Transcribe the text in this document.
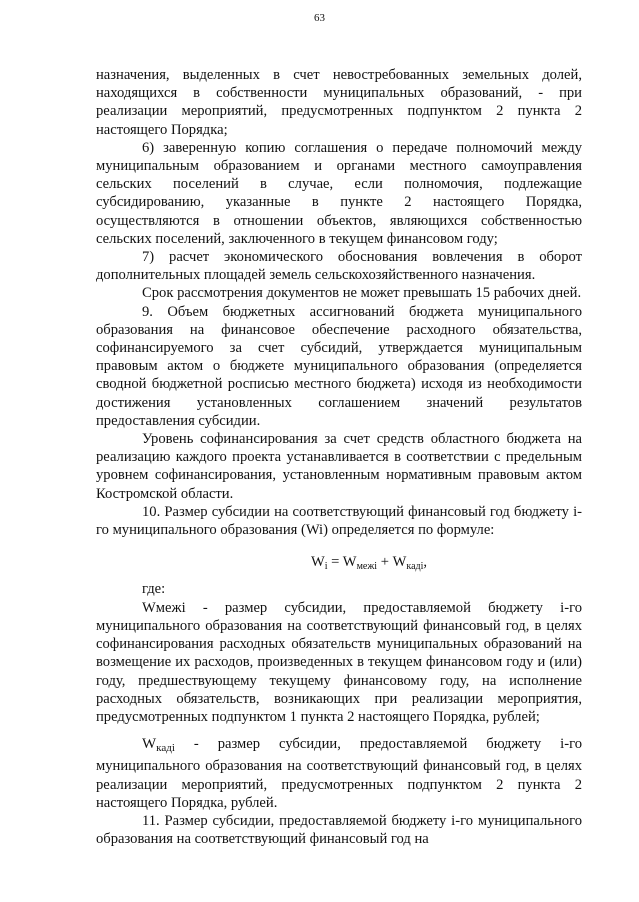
63

назначения, выделенных в счет невостребованных земельных долей, находящихся в собственности муниципальных образований, - при реализации мероприятий, предусмотренных подпунктом 2 пункта 2 настоящего Порядка;

6) заверенную копию соглашения о передаче полномочий между муниципальным образованием и органами местного самоуправления сельских поселений в случае, если полномочия, подлежащие субсидированию, указанные в пункте 2 настоящего Порядка, осуществляются в отношении объектов, являющихся собственностью сельских поселений, заключенного в текущем финансовом году;

7) расчет экономического обоснования вовлечения в оборот дополнительных площадей земель сельскохозяйственного назначения.

Срок рассмотрения документов не может превышать 15 рабочих дней.

9. Объем бюджетных ассигнований бюджета муниципального образования на финансовое обеспечение расходного обязательства, софинансируемого за счет субсидий, утверждается муниципальным правовым актом о бюджете муниципального образования (определяется сводной бюджетной росписью местного бюджета) исходя из необходимости достижения установленных соглашением значений результатов предоставления субсидии.

Уровень софинансирования за счет средств областного бюджета на реализацию каждого проекта устанавливается в соответствии с предельным уровнем софинансирования, установленным нормативным правовым актом Костромской области.

10. Размер субсидии на соответствующий финансовый год бюджету i-го муниципального образования (Wi) определяется по формуле:

$W_i = W_{межі} + W_{каді}$,

где:

Wмежі - размер субсидии, предоставляемой бюджету i-го муниципального образования на соответствующий финансовый год, в целях софинансирования расходных обязательств муниципальных образований на возмещение их расходов, произведенных в текущем финансовом году и (или) году, предшествующему текущему финансовому году, на исполнение расходных обязательств, возникающих при реализации мероприятия, предусмотренных подпунктом 1 пункта 2 настоящего Порядка, рублей;

$W_{кадi}$ - размер субсидии, предоставляемой бюджету i-го муниципального образования на соответствующий финансовый год, в целях реализации мероприятий, предусмотренных подпунктом 2 пункта 2 настоящего Порядка, рублей.

11. Размер субсидии, предоставляемой бюджету i-го муниципального образования на соответствующий финансовый год на
